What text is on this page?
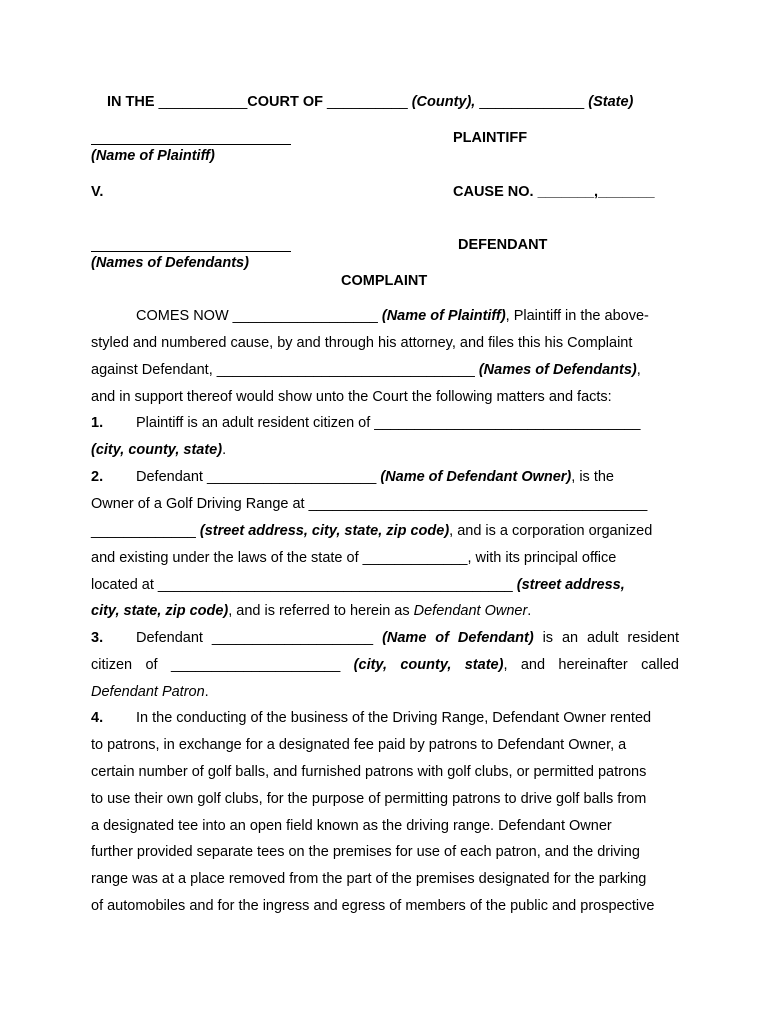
IN THE ___________COURT OF __________ (County), _____________ (State)
PLAINTIFF
(Name of Plaintiff)
V.	CAUSE NO. _______,_______
DEFENDANT
(Names of Defendants)
COMPLAINT
COMES NOW __________________ (Name of Plaintiff), Plaintiff in the above-
styled and numbered cause, by and through his attorney, and files this his Complaint
against Defendant, ________________________________ (Names of Defendants),
and in support thereof would show unto the Court the following matters and facts:
1. Plaintiff is an adult resident citizen of _________________________________
(city, county, state).
2. Defendant _____________________ (Name of Defendant Owner), is the
Owner of a Golf Driving Range at __________________________________________
_____________ (street address, city, state, zip code), and is a corporation organized
and existing under the laws of the state of _____________, with its principal office
located at ____________________________________________ (street address,
city, state, zip code), and is referred to herein as Defendant Owner.
3. Defendant ____________________ (Name of Defendant) is an adult resident
citizen of _____________________ (city, county, state), and hereinafter called
Defendant Patron.
4. In the conducting of the business of the Driving Range, Defendant Owner rented
to patrons, in exchange for a designated fee paid by patrons to Defendant Owner, a
certain number of golf balls, and furnished patrons with golf clubs, or permitted patrons
to use their own golf clubs, for the purpose of permitting patrons to drive golf balls from
a designated tee into an open field known as the driving range. Defendant Owner
further provided separate tees on the premises for use of each patron, and the driving
range was at a place removed from the part of the premises designated for the parking
of automobiles and for the ingress and egress of members of the public and prospective
